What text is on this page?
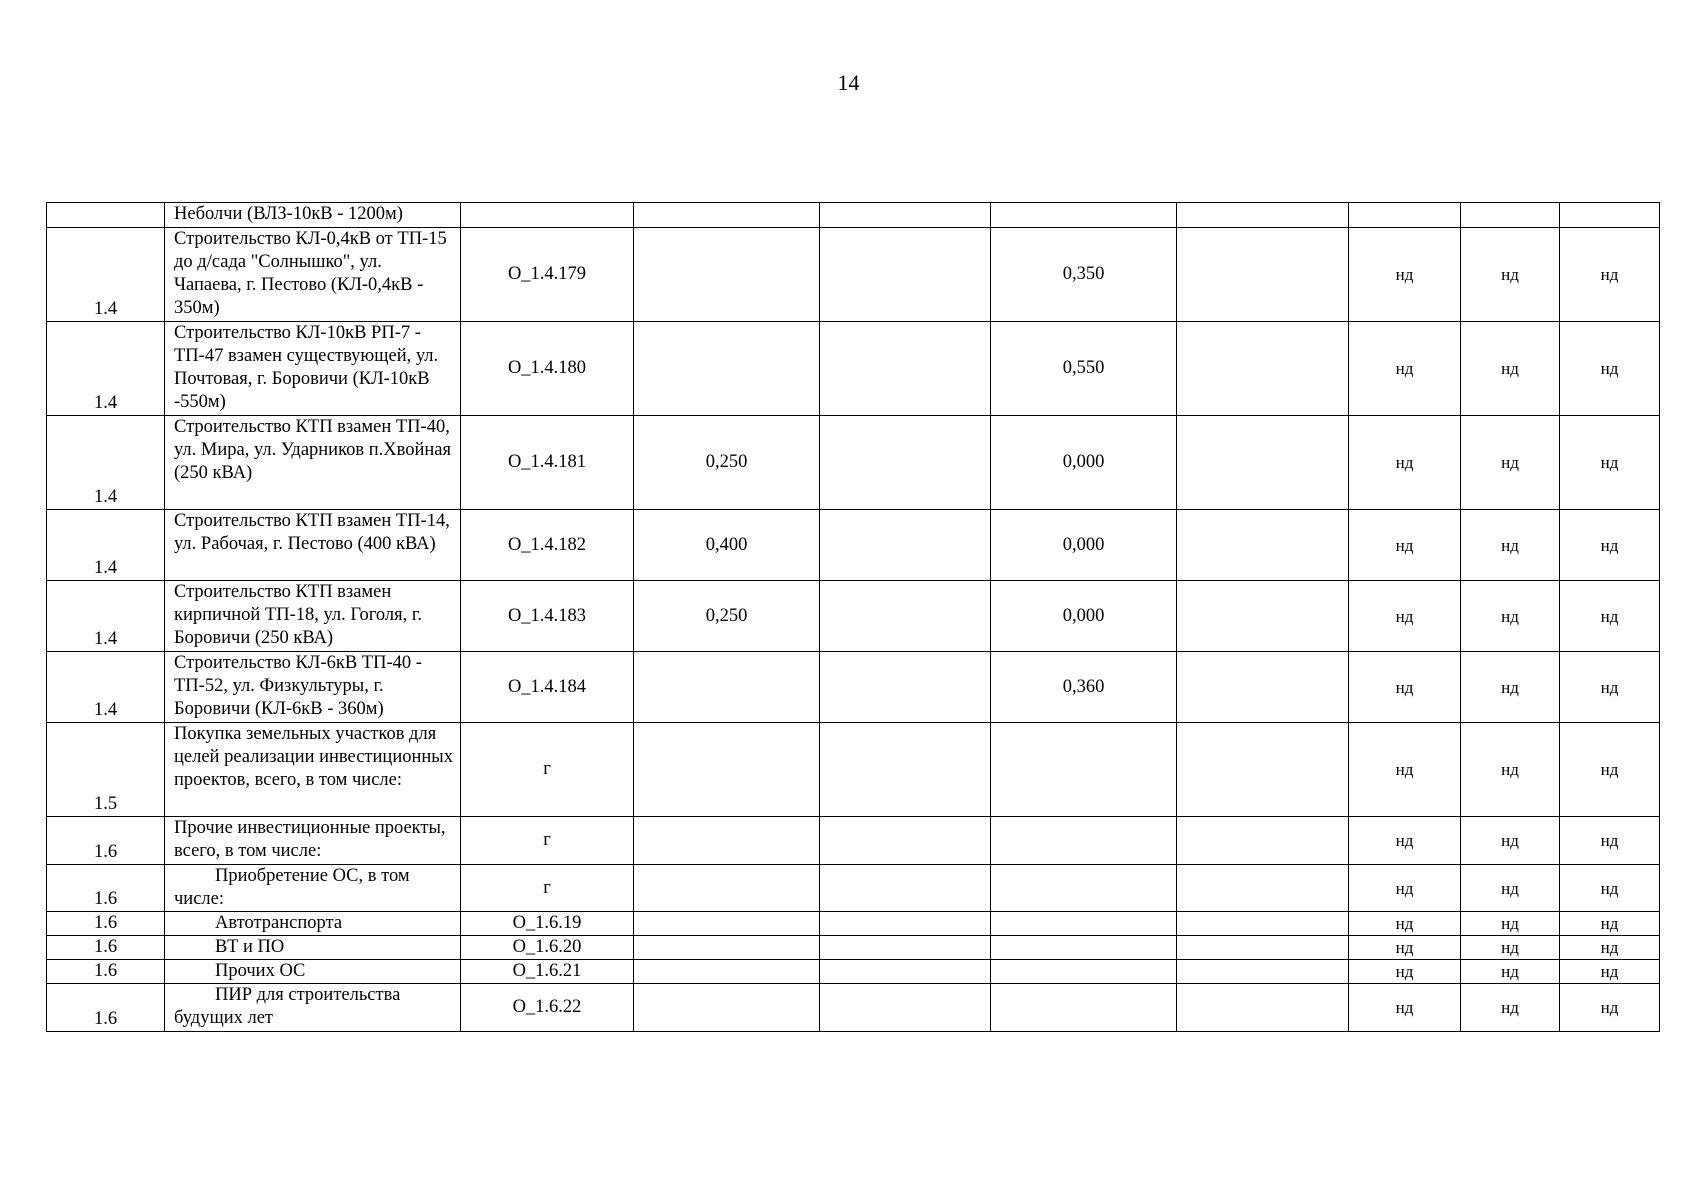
14
	Неболчи (ВЛЗ-10кВ - 1200м)								
1.4	Строительство КЛ-0,4кВ от ТП-15 до д/сада "Солнышко", ул. Чапаева, г. Пестово (КЛ-0,4кВ - 350м)	О_1.4.179			0,350		нд	нд	нд
1.4	Строительство КЛ-10кВ РП-7 - ТП-47 взамен существующей, ул. Почтовая, г. Боровичи (КЛ-10кВ -550м)	О_1.4.180			0,550		нд	нд	нд
1.4	Строительство КТП взамен ТП-40, ул. Мира, ул. Ударников п.Хвойная (250 кВА)	О_1.4.181	0,250		0,000		нд	нд	нд
1.4	Строительство КТП взамен ТП-14, ул. Рабочая, г. Пестово (400 кВА)	О_1.4.182	0,400		0,000		нд	нд	нд
1.4	Строительство КТП взамен кирпичной ТП-18, ул. Гоголя, г. Боровичи (250 кВА)	О_1.4.183	0,250		0,000		нд	нд	нд
1.4	Строительство КЛ-6кВ ТП-40 - ТП-52, ул. Физкультуры, г. Боровичи (КЛ-6кВ - 360м)	О_1.4.184			0,360		нд	нд	нд
1.5	Покупка земельных участков для целей реализации инвестиционных проектов, всего, в том числе:	г					нд	нд	нд
1.6	Прочие инвестиционные проекты, всего, в том числе:	г					нд	нд	нд
1.6	Приобретение ОС, в том числе:	г					нд	нд	нд
1.6	Автотранспорта	О_1.6.19					нд	нд	нд
1.6	ВТ и ПО	О_1.6.20					нд	нд	нд
1.6	Прочих ОС	О_1.6.21					нд	нд	нд
1.6	ПИР для строительства будущих лет	О_1.6.22					нд	нд	нд
